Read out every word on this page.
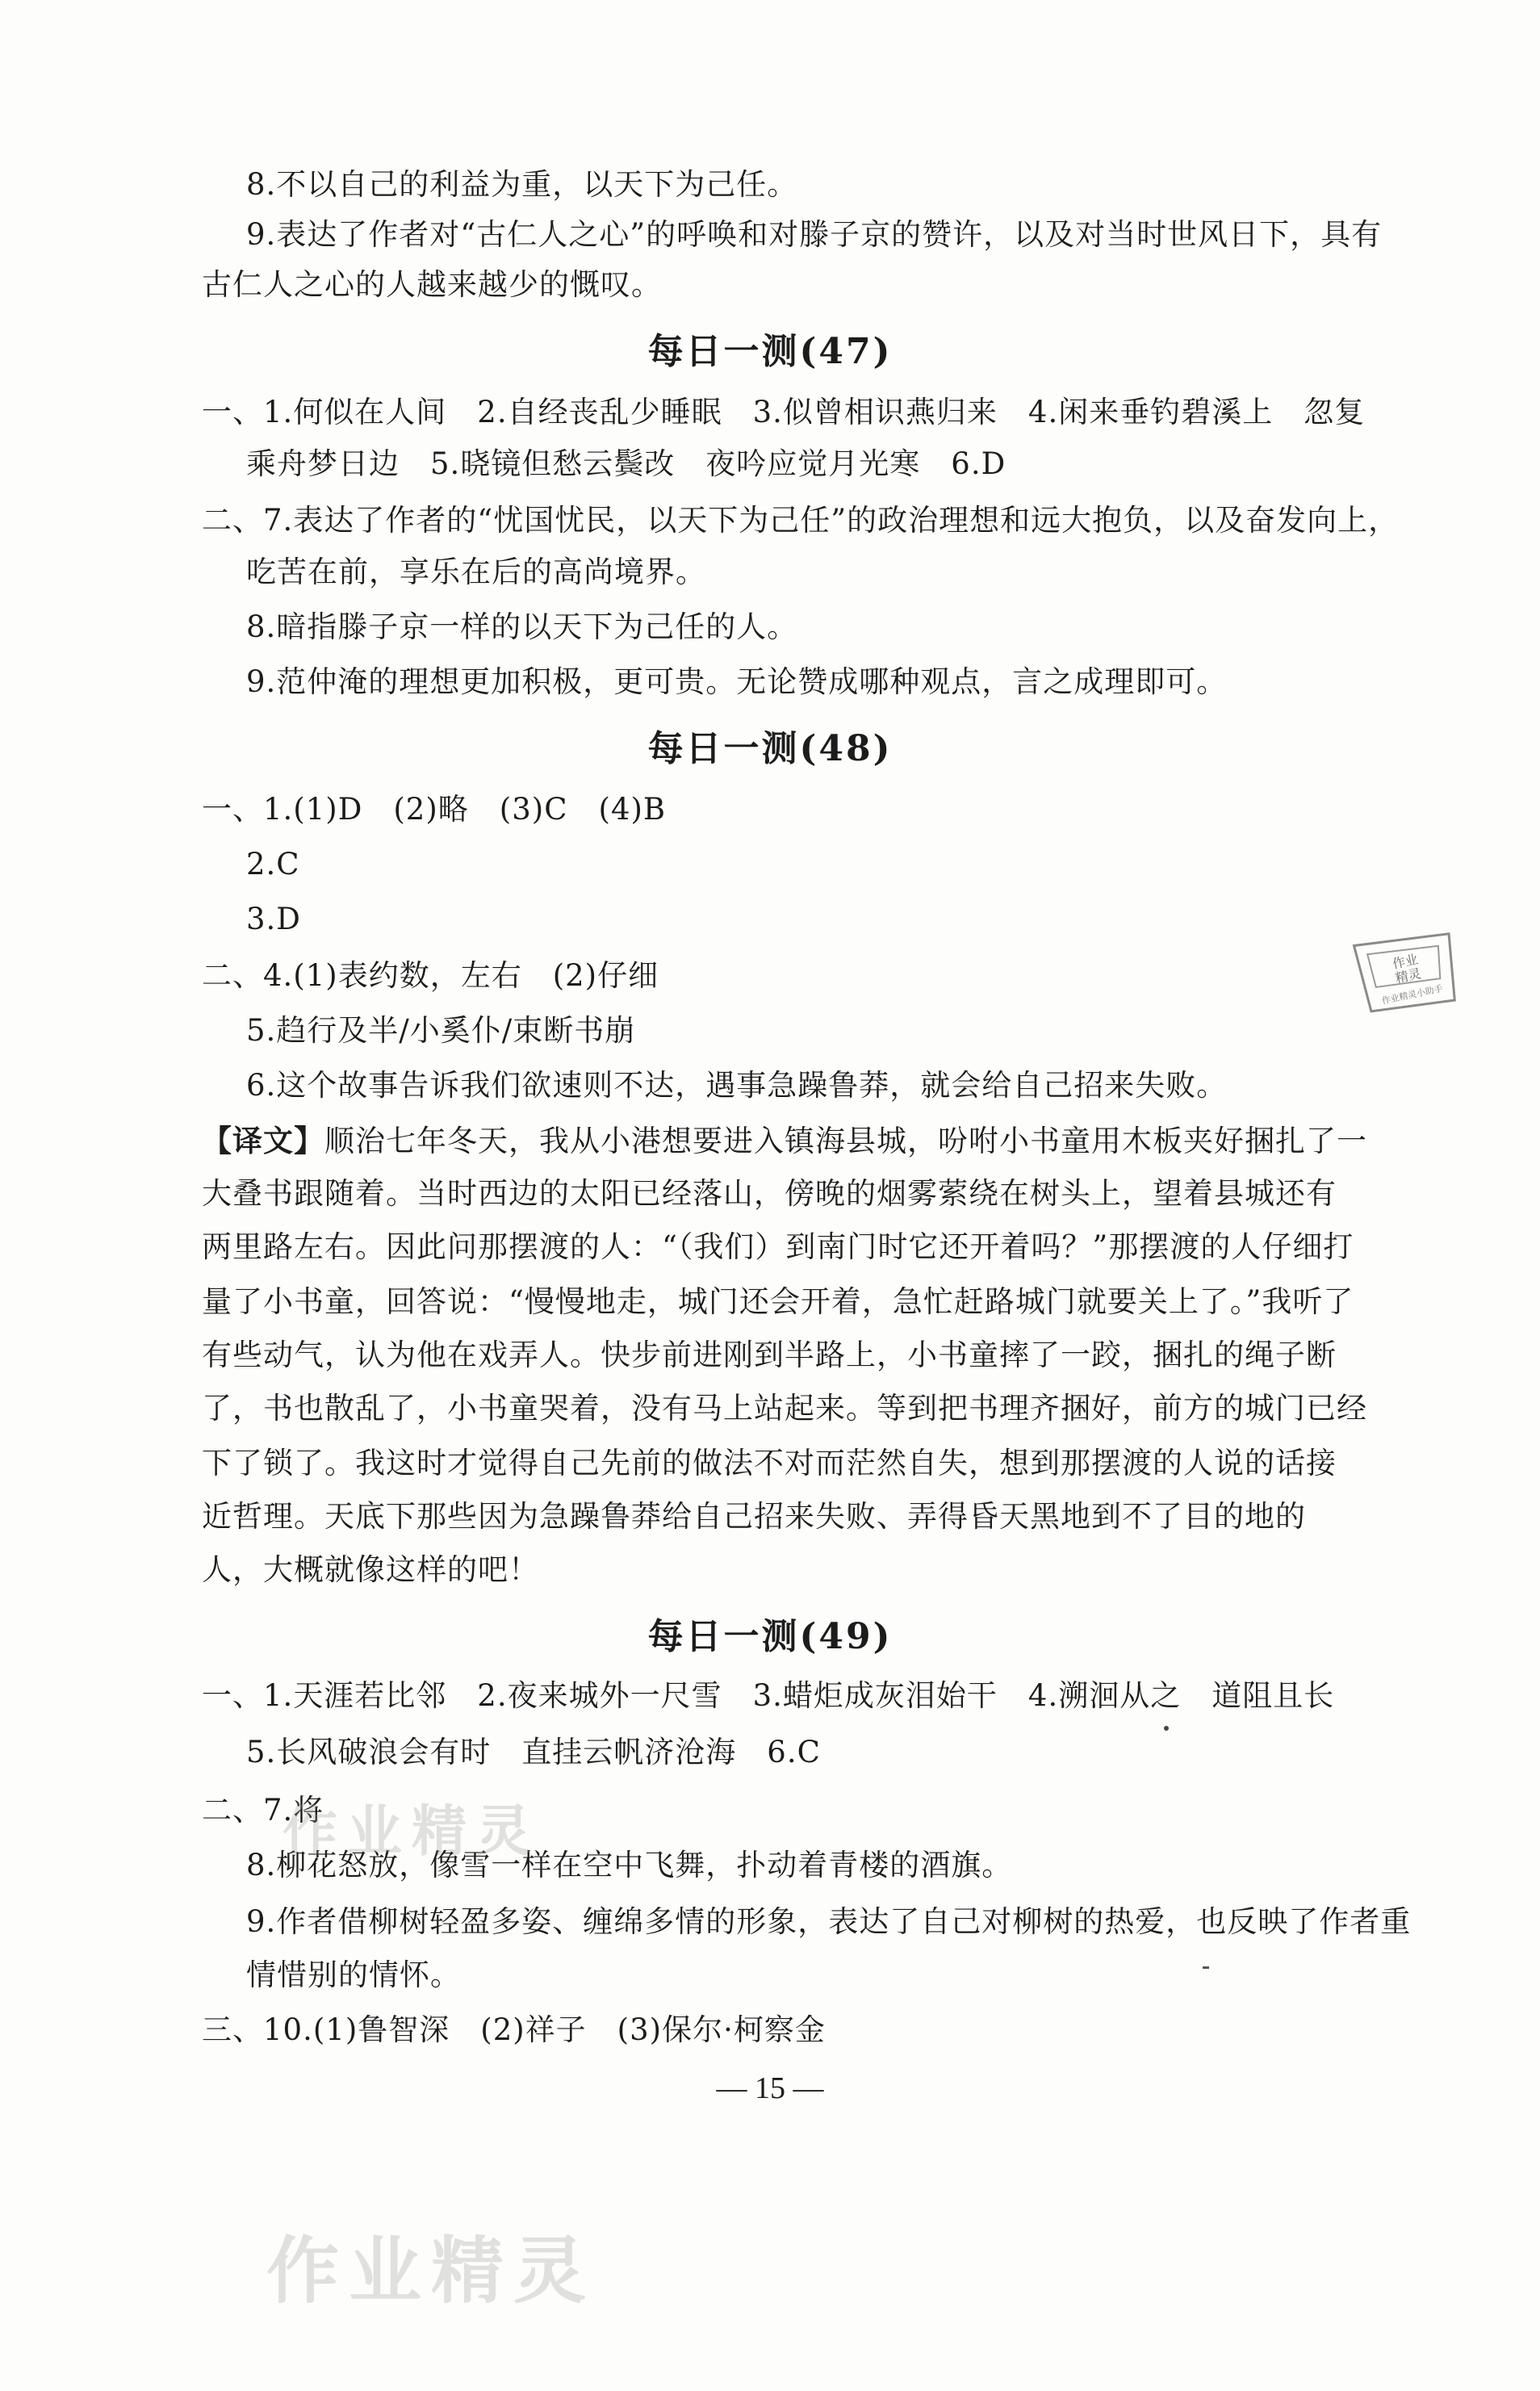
8.不以自己的利益为重，以天下为己任。
9.表达了作者对“古仁人之心”的呼唤和对滕子京的赞许，以及对当时世风日下，具有
古仁人之心的人越来越少的慨叹。
每日一测(47)
一、1.何似在人间　2.自经丧乱少睡眠　3.似曾相识燕归来　4.闲来垂钓碧溪上　忽复
乘舟梦日边　5.晓镜但愁云鬓改　夜吟应觉月光寒　6.D
二、7.表达了作者的“忧国忧民，以天下为己任”的政治理想和远大抱负，以及奋发向上，
吃苦在前，享乐在后的高尚境界。
8.暗指滕子京一样的以天下为己任的人。
9.范仲淹的理想更加积极，更可贵。无论赞成哪种观点，言之成理即可。
每日一测(48)
一、1.(1)D　(2)略　(3)C　(4)B
2.C
3.D
二、4.(1)表约数，左右　(2)仔细
5.趋行及半/小奚仆/束断书崩
6.这个故事告诉我们欲速则不达，遇事急躁鲁莽，就会给自己招来失败。
【译文】顺治七年冬天，我从小港想要进入镇海县城，吩咐小书童用木板夹好捆扎了一
大叠书跟随着。当时西边的太阳已经落山，傍晚的烟雾萦绕在树头上，望着县城还有
两里路左右。因此问那摆渡的人：“（我们）到南门时它还开着吗？”那摆渡的人仔细打
量了小书童，回答说：“慢慢地走，城门还会开着，急忙赶路城门就要关上了。”我听了
有些动气，认为他在戏弄人。快步前进刚到半路上，小书童摔了一跤，捆扎的绳子断
了，书也散乱了，小书童哭着，没有马上站起来。等到把书理齐捆好，前方的城门已经
下了锁了。我这时才觉得自己先前的做法不对而茫然自失，想到那摆渡的人说的话接
近哲理。天底下那些因为急躁鲁莽给自己招来失败、弄得昏天黑地到不了目的地的
人，大概就像这样的吧！
每日一测(49)
一、1.天涯若比邻　2.夜来城外一尺雪　3.蜡炬成灰泪始干　4.溯洄从之　道阻且长
5.长风破浪会有时　直挂云帆济沧海　6.C
二、7.将
8.柳花怒放，像雪一样在空中飞舞，扑动着青楼的酒旗。
9.作者借柳树轻盈多姿、缠绵多情的形象，表达了自己对柳树的热爱，也反映了作者重
情惜别的情怀。
三、10.(1)鲁智深　(2)祥子　(3)保尔·柯察金
— 15 —
作业
精灵
作业精灵小助手
作业精灵
作业精灵
